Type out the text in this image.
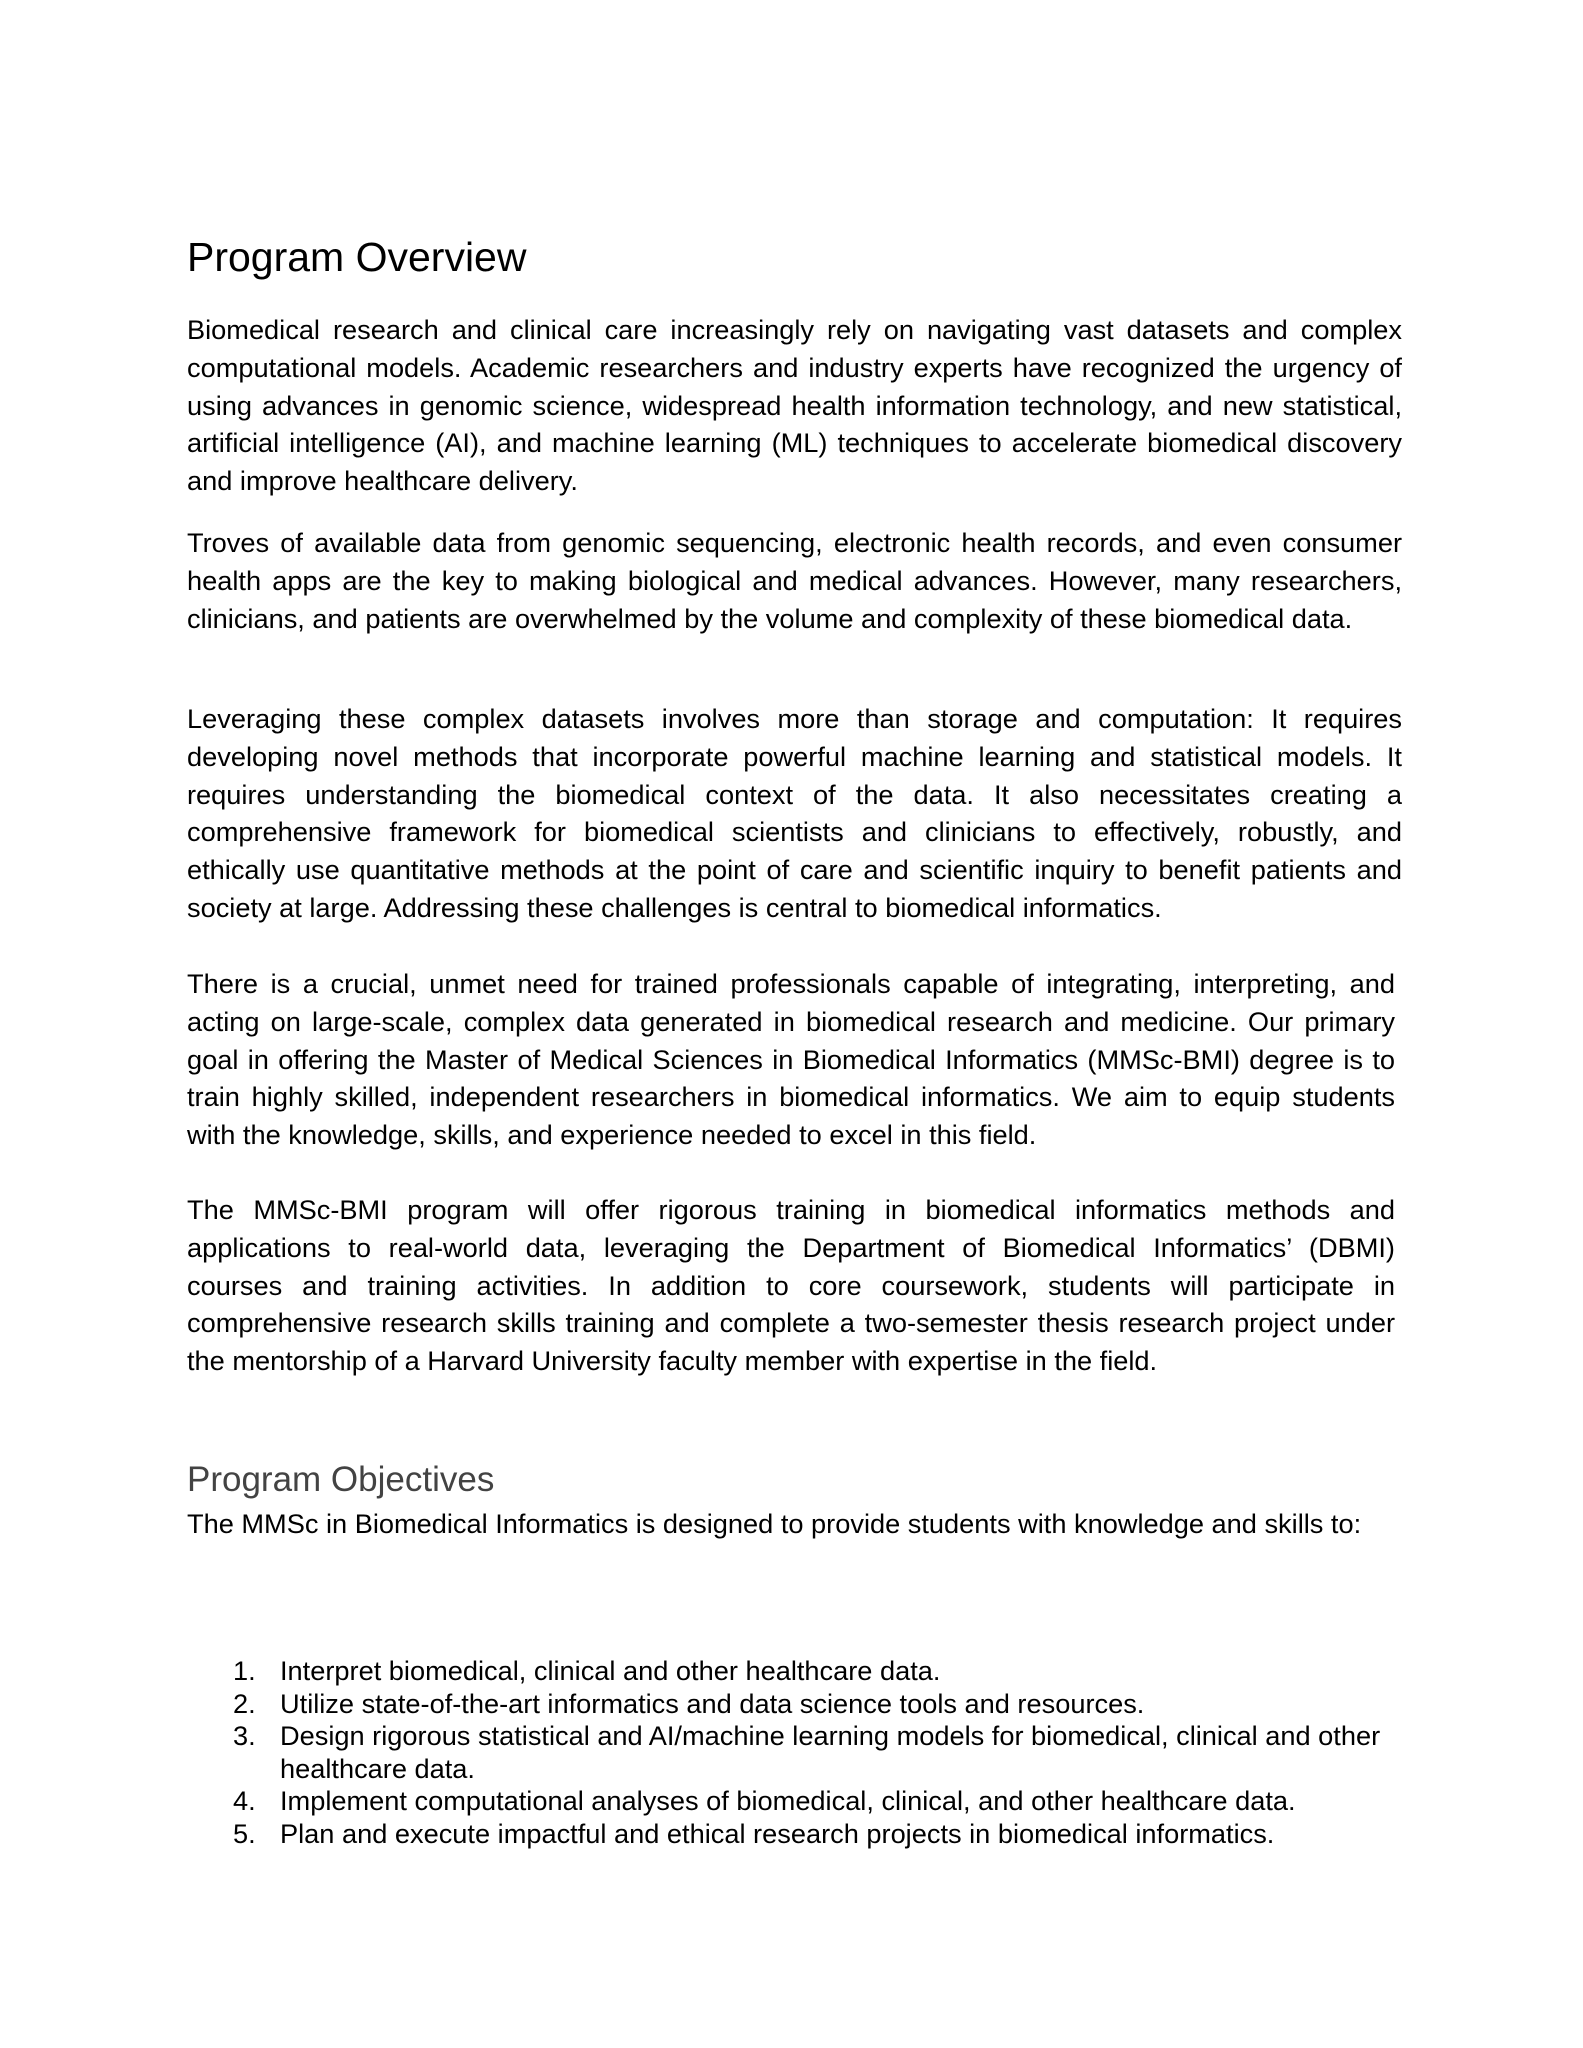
Program Overview

Biomedical research and clinical care increasingly rely on navigating vast datasets and complex computational models. Academic researchers and industry experts have recognized the urgency of using advances in genomic science, widespread health information technology, and new statistical, artificial intelligence (AI), and machine learning (ML) techniques to accelerate biomedical discovery and improve healthcare delivery.

Troves of available data from genomic sequencing, electronic health records, and even consumer health apps are the key to making biological and medical advances. However, many researchers, clinicians, and patients are overwhelmed by the volume and complexity of these biomedical data.

Leveraging these complex datasets involves more than storage and computation: It requires developing novel methods that incorporate powerful machine learning and statistical models. It requires understanding the biomedical context of the data. It also necessitates creating a comprehensive framework for biomedical scientists and clinicians to effectively, robustly, and ethically use quantitative methods at the point of care and scientific inquiry to benefit patients and society at large. Addressing these challenges is central to biomedical informatics.

There is a crucial, unmet need for trained professionals capable of integrating, interpreting, and acting on large-scale, complex data generated in biomedical research and medicine. Our primary goal in offering the Master of Medical Sciences in Biomedical Informatics (MMSc-BMI) degree is to train highly skilled, independent researchers in biomedical informatics. We aim to equip students with the knowledge, skills, and experience needed to excel in this field.

The MMSc-BMI program will offer rigorous training in biomedical informatics methods and applications to real-world data, leveraging the Department of Biomedical Informatics’ (DBMI) courses and training activities. In addition to core coursework, students will participate in comprehensive research skills training and complete a two-semester thesis research project under the mentorship of a Harvard University faculty member with expertise in the field.

Program Objectives

The MMSc in Biomedical Informatics is designed to provide students with knowledge and skills to:

1. Interpret biomedical, clinical and other healthcare data.
2. Utilize state-of-the-art informatics and data science tools and resources.
3. Design rigorous statistical and AI/machine learning models for biomedical, clinical and other healthcare data.
4. Implement computational analyses of biomedical, clinical, and other healthcare data.
5. Plan and execute impactful and ethical research projects in biomedical informatics.
